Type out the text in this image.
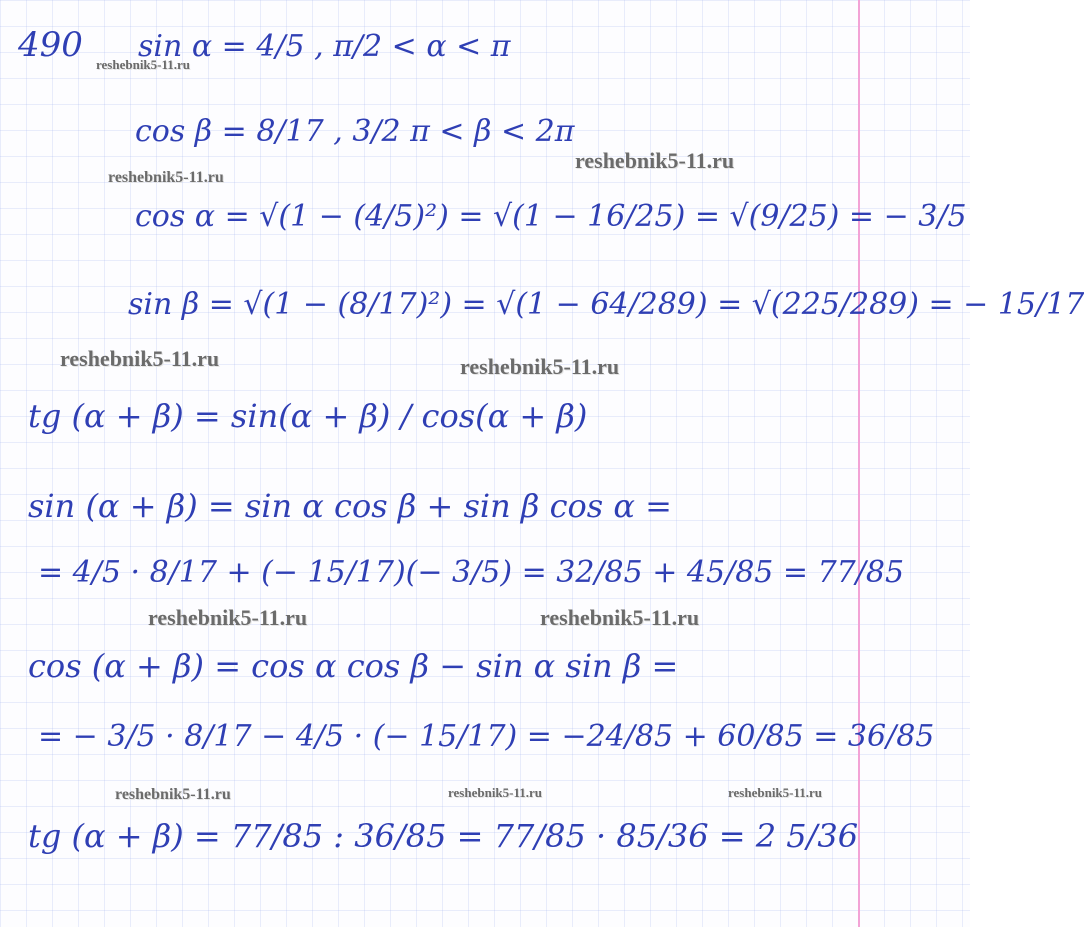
490 sin α = 4/5 , π/2 < α < π
cos β = 8/17 , 3/2 π < β < 2π
cos α = √(1 − (4/5)²) = √(1 − 16/25) = √(9/25) = − 3/5
sin β = √(1 − (8/17)²) = √(1 − 64/289) = √(225/289) = − 15/17
tg (α + β) = sin(α + β) / cos(α + β)
sin (α + β) = sin α cos β + sin β cos α =
= 4/5 · 8/17 + (− 15/17)(− 3/5) = 32/85 + 45/85 = 77/85
cos (α + β) = cos α cos β − sin α sin β =
= − 3/5 · 8/17 − 4/5 · (− 15/17) = −24/85 + 60/85 = 36/85
tg (α + β) = 77/85 : 36/85 = 77/85 · 85/36 = 2 5/36
reshebnik5-11.ru
reshebnik5-11.ru
reshebnik5-11.ru
reshebnik5-11.ru	reshebnik5-11.ru
reshebnik5-11.ru	reshebnik5-11.ru
reshebnik5-11.ru	reshebnik5-11.ru	reshebnik5-11.ru
